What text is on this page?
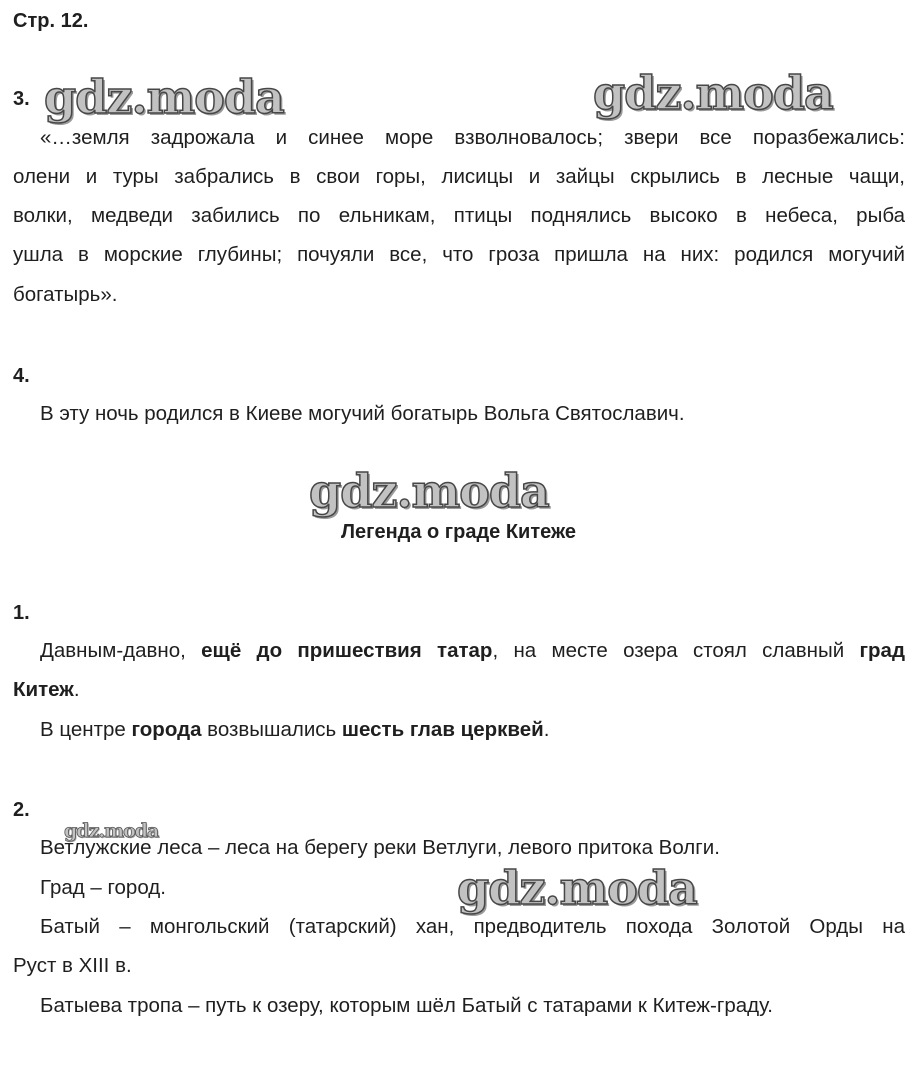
Стр. 12.
3.
«…земля задрожала и синее море взволновалось; звери все поразбежались:
олени и туры забрались в свои горы, лисицы и зайцы скрылись в лесные чащи,
волки, медведи забились по ельникам, птицы поднялись высоко в небеса, рыба
ушла в морские глубины; почуяли все, что гроза пришла на них: родился могучий
богатырь».
4.
В эту ночь родился в Киеве могучий богатырь Вольга Святославич.
Легенда о граде Китеже
1.
Давным-давно, ещё до пришествия татар, на месте озера стоял славный град
Китеж.
В центре города возвышались шесть глав церквей.
2.
Ветлужские леса – леса на берегу реки Ветлуги, левого притока Волги.
Град – город.
Батый – монгольский (татарский) хан, предводитель похода Золотой Орды на
Руст в XIII в.
Батыева тропа – путь к озеру, которым шёл Батый с татарами к Китеж-граду.
gdz.moda	gdz.moda
gdz.moda
gdz.moda
gdz.moda
